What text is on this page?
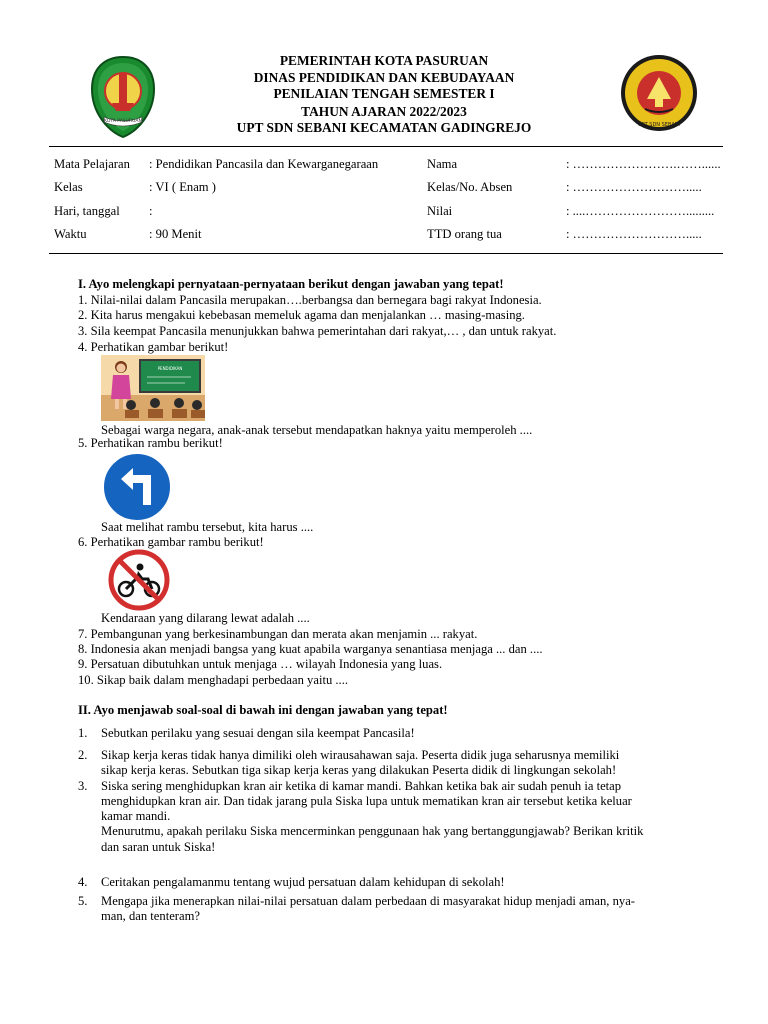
PEMERINTAH KOTA PASURUAN
DINAS PENDIDIKAN DAN KEBUDAYAAN
PENILAIAN TENGAH SEMESTER I
TAHUN AJARAN 2022/2023
UPT SDN SEBANI KECAMATAN GADINGREJO
KOTA PASURUAN
UPT SDN SEBANI
Mata Pelajaran : Pendidikan Pancasila dan Kewarganegaraan
Kelas	: VI ( Enam )
Hari, tanggal :
Waktu	: 90 Menit
Nama	: …………………….……......
Kelas/No. Absen	: ……………………….....
Nilai	: ....…………………….........
TTD orang tua	: ……………………….....
I. Ayo melengkapi pernyataan-pernyataan berikut dengan jawaban yang tepat!
1. Nilai-nilai dalam Pancasila merupakan….berbangsa dan bernegara bagi rakyat Indonesia.
2. Kita harus mengakui kebebasan memeluk agama dan menjalankan … masing-masing.
3. Sila keempat Pancasila menunjukkan bahwa pemerintahan dari rakyat,… , dan untuk rakyat.
4. Perhatikan gambar berikut!
PENDIDIKAN
Sebagai warga negara, anak-anak tersebut mendapatkan haknya yaitu memperoleh ....
5. Perhatikan rambu berikut!
Saat melihat rambu tersebut, kita harus ....
6. Perhatikan gambar rambu berikut!
Kendaraan yang dilarang lewat adalah ....
7. Pembangunan yang berkesinambungan dan merata akan menjamin ... rakyat.
8. Indonesia akan menjadi bangsa yang kuat apabila warganya senantiasa menjaga ... dan ....
9. Persatuan dibutuhkan untuk menjaga … wilayah Indonesia yang luas.
10. Sikap baik dalam menghadapi perbedaan yaitu ....
II. Ayo menjawab soal-soal di bawah ini dengan jawaban yang tepat!
1. Sebutkan perilaku yang sesuai dengan sila keempat Pancasila!
2. Sikap kerja keras tidak hanya dimiliki oleh wirausahawan saja. Peserta didik juga seharusnya memiliki
sikap kerja keras. Sebutkan tiga sikap kerja keras yang dilakukan Peserta didik di lingkungan sekolah!
3. Siska sering menghidupkan kran air ketika di kamar mandi. Bahkan ketika bak air sudah penuh ia tetap
menghidupkan kran air. Dan tidak jarang pula Siska lupa untuk mematikan kran air tersebut ketika keluar
kamar mandi.
Menurutmu, apakah perilaku Siska mencerminkan penggunaan hak yang bertanggungjawab? Berikan kritik
dan saran untuk Siska!
4. Ceritakan pengalamanmu tentang wujud persatuan dalam kehidupan di sekolah!
5. Mengapa jika menerapkan nilai-nilai persatuan dalam perbedaan di masyarakat hidup menjadi aman, nya-
man, dan tenteram?
